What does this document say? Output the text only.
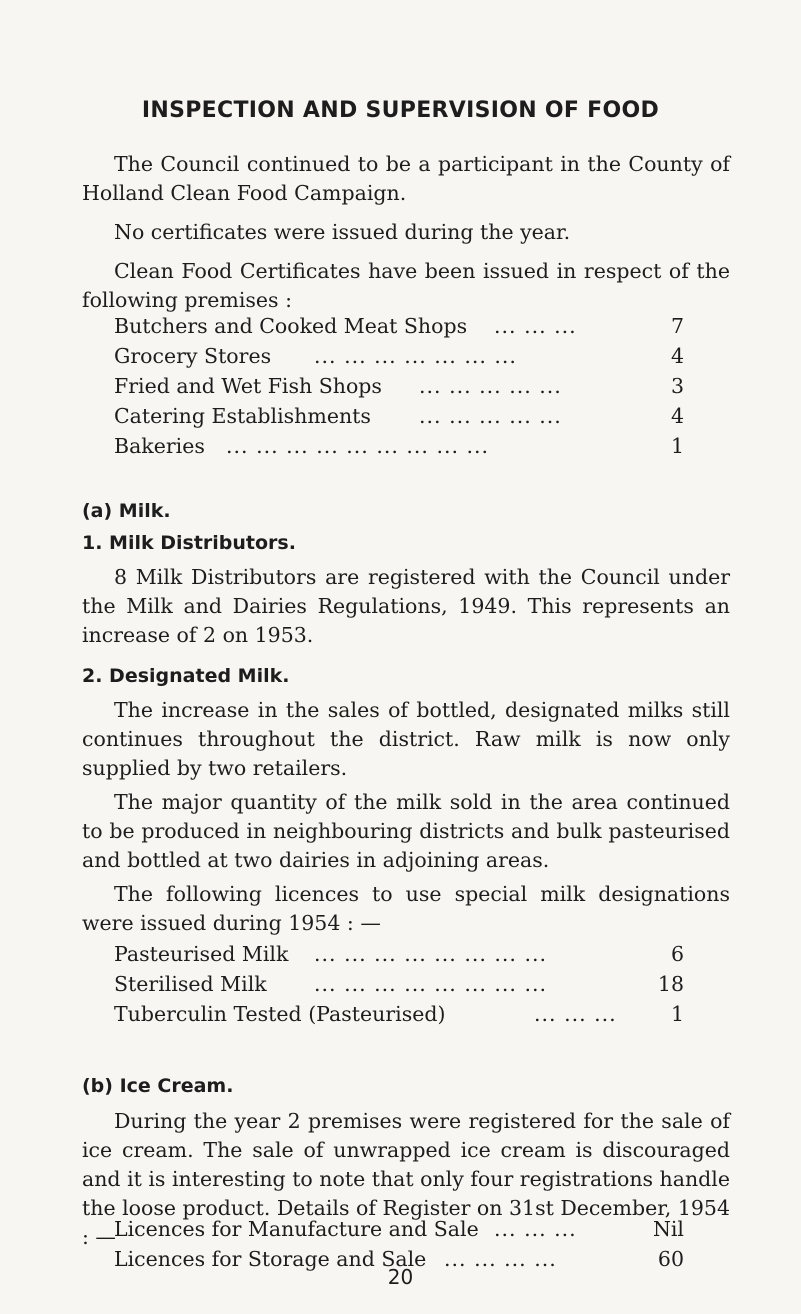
INSPECTION AND SUPERVISION OF FOOD
The Council continued to be a participant in the County of Holland Clean Food Campaign.
No certificates were issued during the year.
Clean Food Certificates have been issued in respect of the following premises :
Butchers and Cooked Meat Shops ... ... ...	7
Grocery Stores ... ... ... ... ... ... ...	4
Fried and Wet Fish Shops ... ... ... ... ...	3
Catering Establishments ... ... ... ... ...	4
Bakeries ... ... ... ... ... ... ... ... ...	1
(a) Milk.
1. Milk Distributors.
8 Milk Distributors are registered with the Council under the Milk and Dairies Regulations, 1949. This represents an increase of 2 on 1953.
2. Designated Milk.
The increase in the sales of bottled, designated milks still continues throughout the district. Raw milk is now only supplied by two retailers.
The major quantity of the milk sold in the area continued to be produced in neighbouring districts and bulk pasteurised and bottled at two dairies in adjoining areas.
The following licences to use special milk designations were issued during 1954 : —
Pasteurised Milk ... ... ... ... ... ... ... ...	6
Sterilised Milk ... ... ... ... ... ... ... ...	18
Tuberculin Tested (Pasteurised)	... ... ...	1
(b) Ice Cream.
During the year 2 premises were registered for the sale of ice cream. The sale of unwrapped ice cream is discouraged and it is interesting to note that only four registrations handle the loose product. Details of Register on 31st December, 1954 : —
Licences for Manufacture and Sale ... ... ...	Nil
Licences for Storage and Sale ... ... ... ...	60
20
